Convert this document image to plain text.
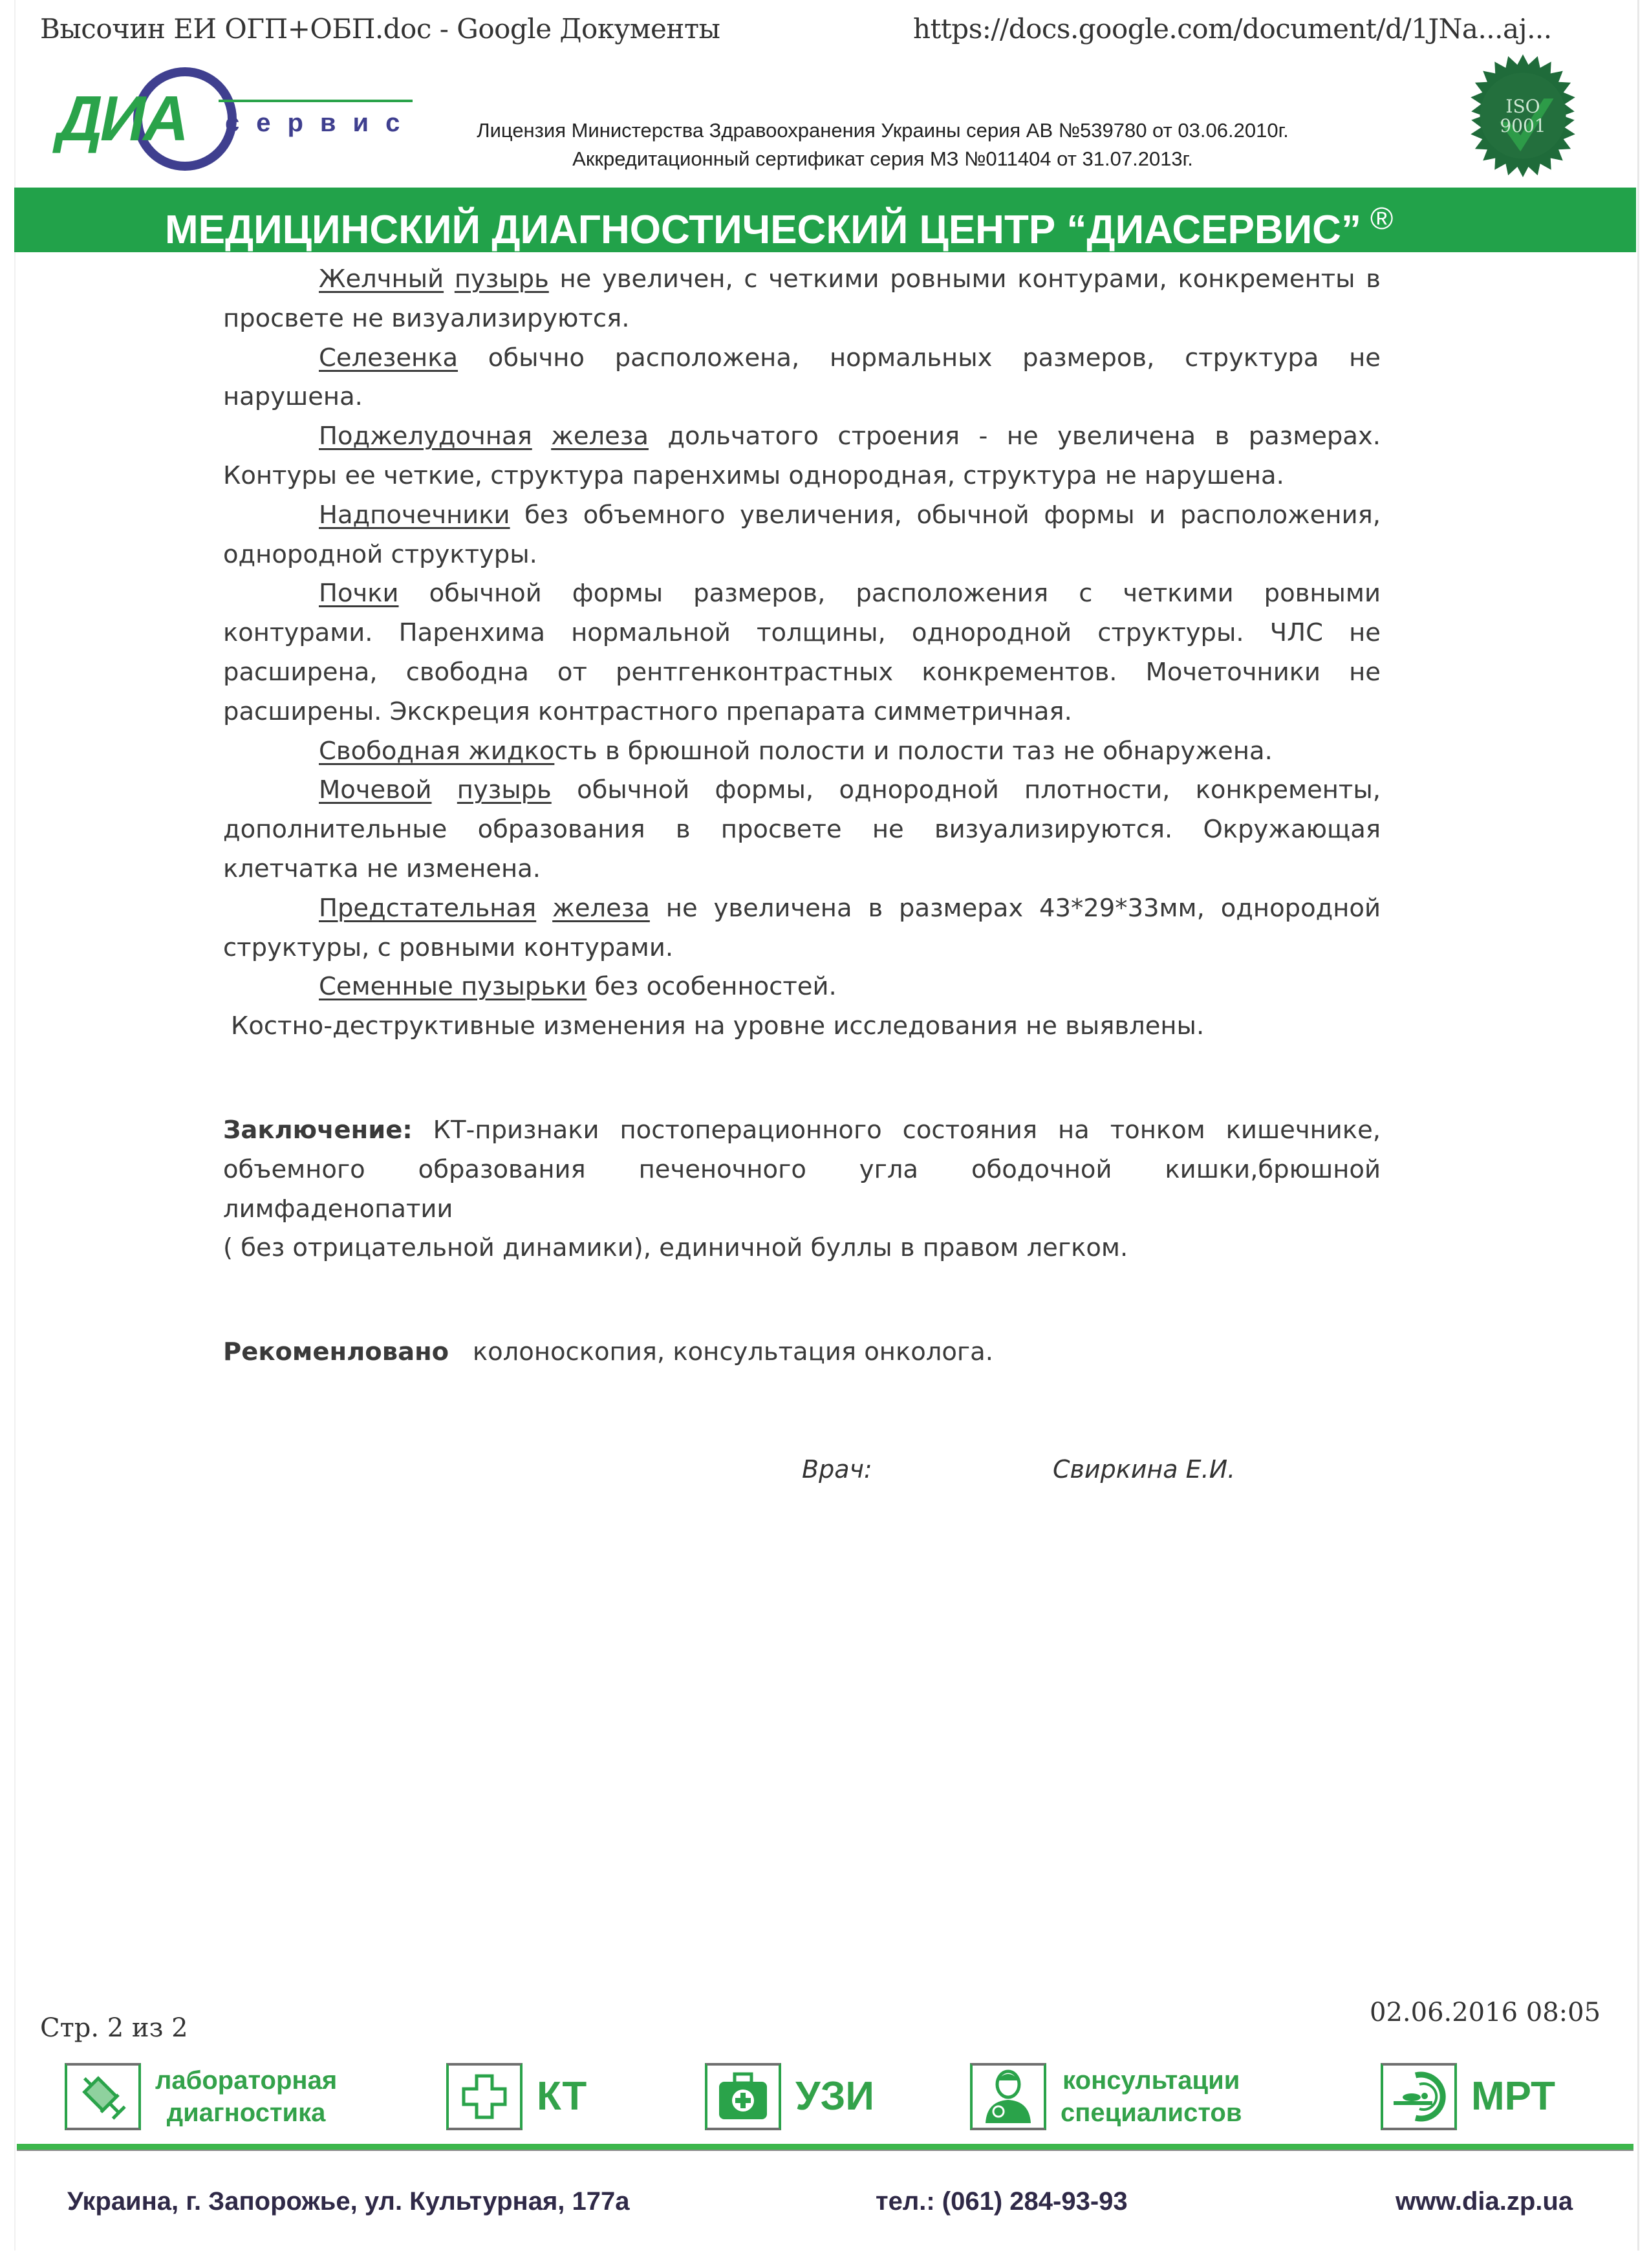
Высочин ЕИ ОГП+ОБП.doc - Google Документы	https://docs.google.com/document/d/1JNa...aj...
ДИА сервис	Лицензия Министерства Здравоохранения Украины серия АВ №539780 от 03.06.2010г.
Аккредитационный сертификат серия МЗ №011404 от 31.07.2013г.
ISO
9001
МЕДИЦИНСКИЙ ДИАГНОСТИЧЕСКИЙ ЦЕНТР “ДИАСЕРВИС” ®

Желчный пузырь не увеличен, с четкими ровными контурами, конкременты в просвете не визуализируются.

Селезенка обычно расположена, нормальных размеров, структура не нарушена.

Поджелудочная железа дольчатого строения - не увеличена в размерах. Контуры ее четкие, структура паренхимы однородная, структура не нарушена.

Надпочечники без объемного увеличения, обычной формы и расположения, однородной структуры.

Почки обычной формы размеров, расположения с четкими ровными контурами. Паренхима нормальной толщины, однородной структуры. ЧЛС не расширена, свободна от рентгенконтрастных конкрементов. Мочеточники не расширены. Экскреция контрастного препарата симметричная.

Свободная жидкость в брюшной полости и полости таз не обнаружена.

Мочевой пузырь обычной формы, однородной плотности, конкременты, дополнительные образования в просвете не визуализируются. Окружающая клетчатка не изменена.

Предстательная железа не увеличена в размерах 43*29*33мм, однородной структуры, с ровными контурами.

Семенные пузырьки без особенностей.

Костно-деструктивные изменения на уровне исследования не выявлены.

Заключение: КТ-признаки постоперационного состояния на тонком кишечнике, объемного образования печеночного угла ободочной кишки,брюшной лимфаденопатии
( без отрицательной динамики), единичной буллы в правом легком.

Рекоменловано колоноскопия, консультация онколога.

Врач:	Свиркина Е.И.
Стр. 2 из 2
02.06.2016 08:05
лабораторная
диагностика	КТ	УЗИ	консультации
специалистов	МРТ
Украина, г. Запорожье, ул. Культурная, 177а	тел.: (061) 284-93-93	www.dia.zp.ua
